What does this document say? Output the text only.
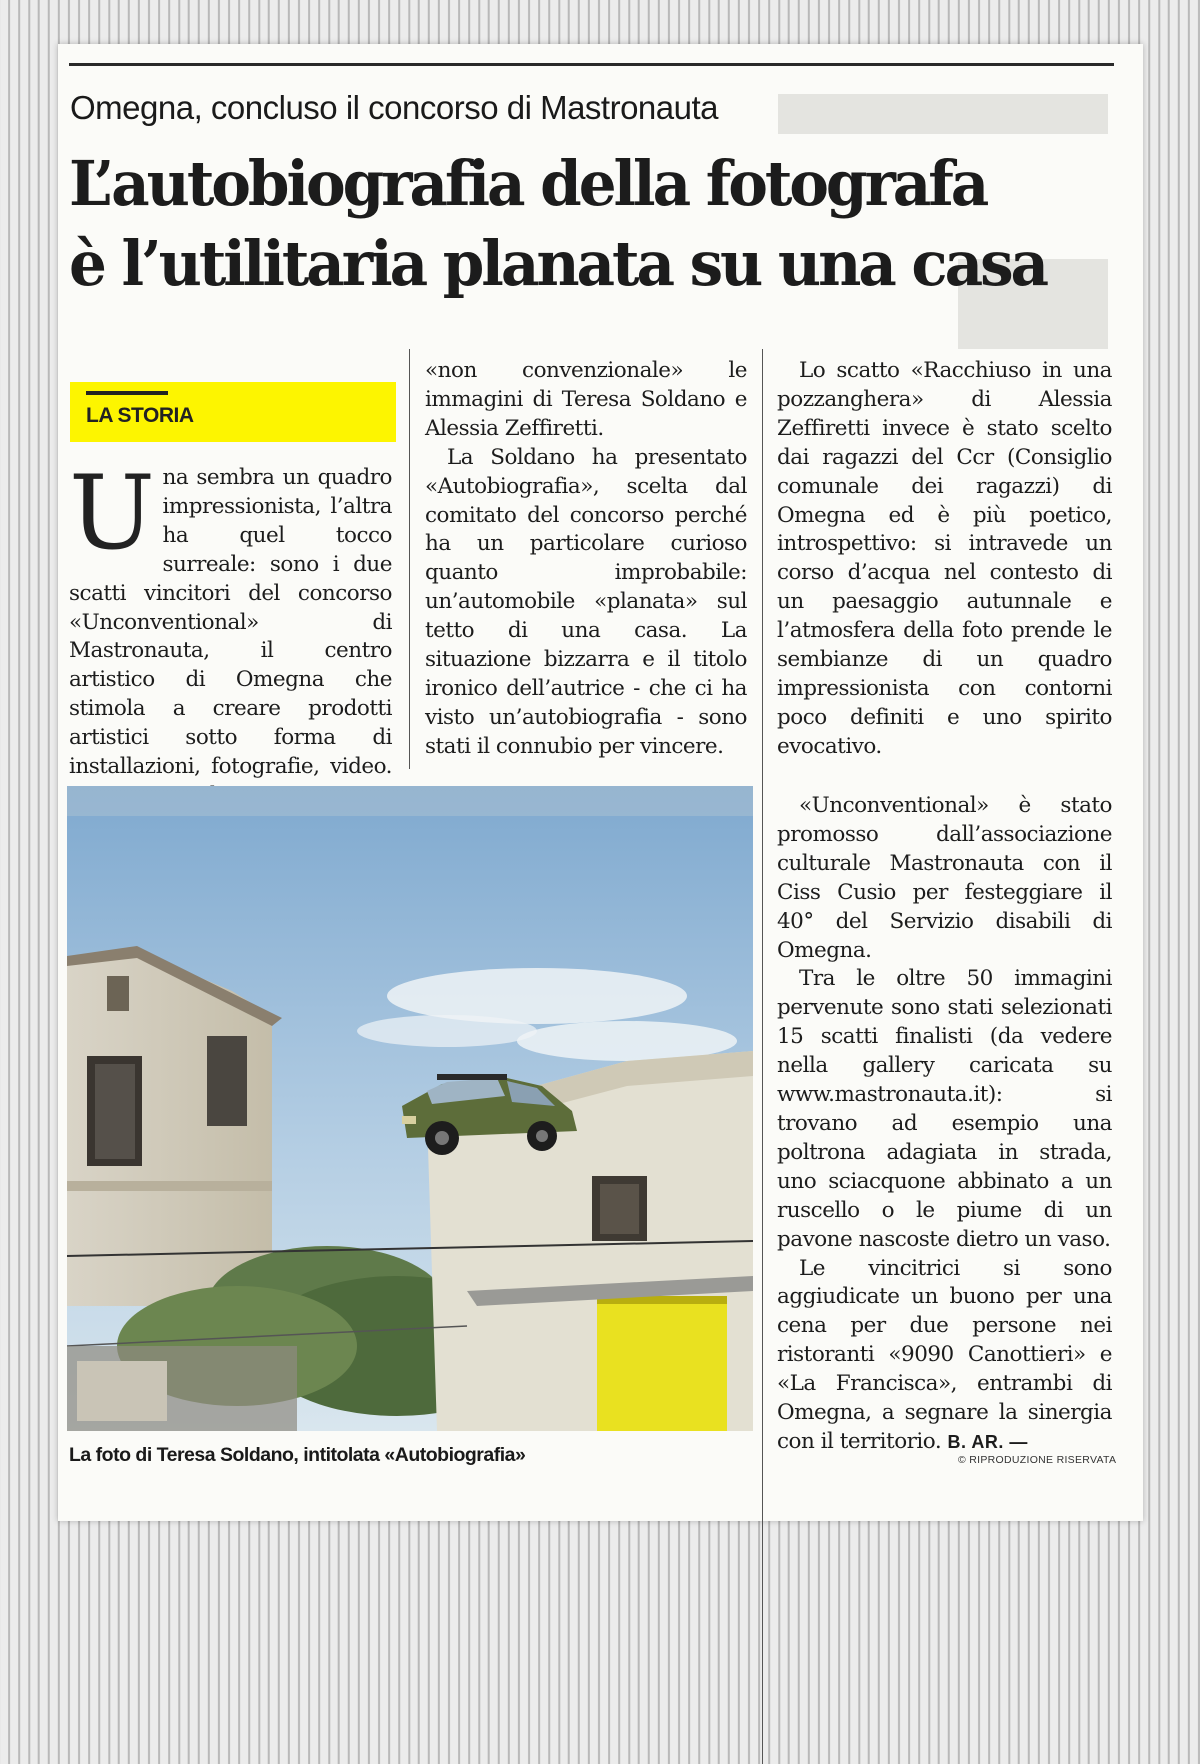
Omegna, concluso il concorso di Mastronauta
L’autobiografia della fotografa
è l’utilitaria planata su una casa
LA STORIA

Una sembra un quadro impressionista, l’altra ha quel tocco surreale: sono i due scatti vincitori del concorso «Unconventional» di Mastronauta, il centro artistico di Omegna che stimola a creare prodotti artistici sotto forma di installazioni, fotografie, video.

«non convenzionale» le immagini di Teresa Soldano e Alessia Zeffiretti.

La Soldano ha presentato «Autobiografia», scelta dal comitato del concorso perché ha un particolare curioso quanto improbabile: un’automobile «planata» sul tetto di una casa. La situazione bizzarra e il titolo ironico dell’autrice - che ci ha visto un’autobiografia - sono stati il connubio per vincere.

Lo scatto «Racchiuso in una pozzanghera» di Alessia Zeffiretti invece è stato scelto dai ragazzi del Ccr (Consiglio comunale dei ragazzi) di Omegna ed è più poetico, introspettivo: si intravede un corso d’acqua nel contesto di un paesaggio autunnale e l’atmosfera della foto prende le sembianze di un quadro impressionista con contorni poco definiti e uno spirito evocativo.

«Unconventional» è stato promosso dall’associazione culturale Mastronauta con il Ciss Cusio per festeggiare il 40° del Servizio disabili di Omegna.

Tra le oltre 50 immagini pervenute sono stati selezionati 15 scatti finalisti (da vedere nella gallery caricata su www.mastronauta.it): si trovano ad esempio una poltrona adagiata in strada, uno sciacquone abbinato a un ruscello o le piume di un pavone nascoste dietro un vaso.

Le vincitrici si sono aggiudicate un buono per una cena per due persone nei ristoranti «9090 Canottieri» e «La Francisca», entrambi di Omegna, a segnare la sinergia con il territorio. B. AR. —

La foto di Teresa Soldano, intitolata «Autobiografia»	© RIPRODUZIONE RISERVATA
